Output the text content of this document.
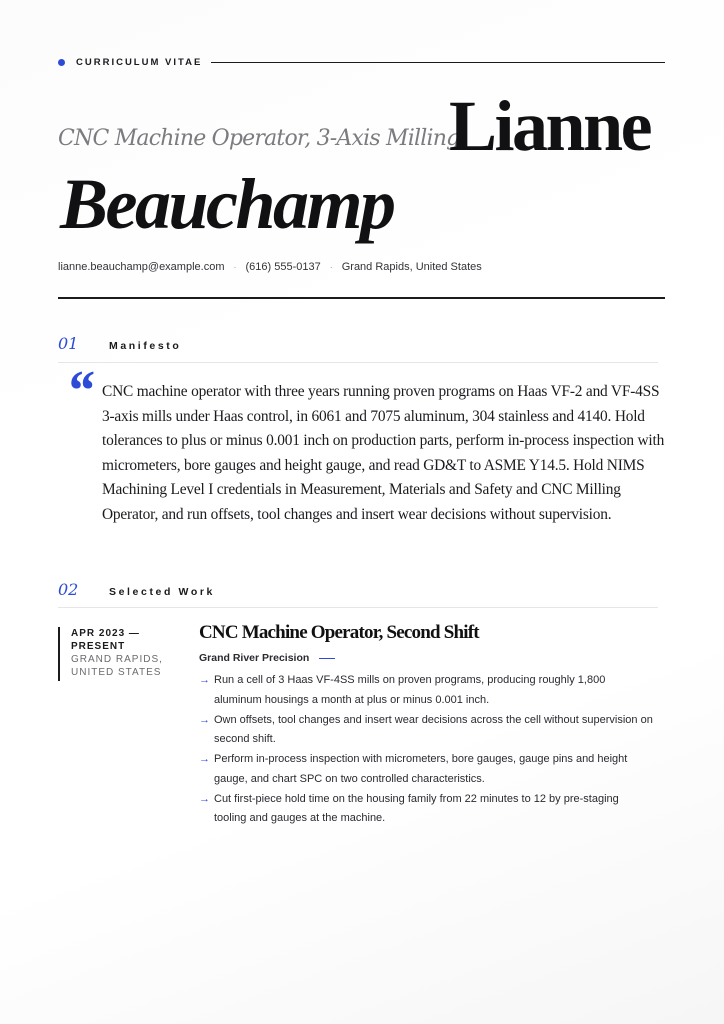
CURRICULUM VITAE
CNC Machine Operator, 3-Axis Milling
Lianne
Beauchamp
lianne.beauchamp@example.com · (616) 555-0137 · Grand Rapids, United States
01	Manifesto
“ CNC machine operator with three years running proven programs on Haas VF-2 and VF-4SS 3-axis mills under Haas control, in 6061 and 7075 aluminum, 304 stainless and 4140. Hold tolerances to plus or minus 0.001 inch on production parts, perform in-process inspection with micrometers, bore gauges and height gauge, and read GD&T to ASME Y14.5. Hold NIMS Machining Level I credentials in Measurement, Materials and Safety and CNC Milling Operator, and run offsets, tool changes and insert wear decisions without supervision.

02	Selected Work
APR 2023 — PRESENT
GRAND RAPIDS, UNITED STATES
CNC Machine Operator, Second Shift
Grand River Precision
→ Run a cell of 3 Haas VF-4SS mills on proven programs, producing roughly 1,800 aluminum housings a month at plus or minus 0.001 inch.
→ Own offsets, tool changes and insert wear decisions across the cell without supervision on second shift.
→ Perform in-process inspection with micrometers, bore gauges, gauge pins and height gauge, and chart SPC on two controlled characteristics.
→ Cut first-piece hold time on the housing family from 22 minutes to 12 by pre-staging tooling and gauges at the machine.
